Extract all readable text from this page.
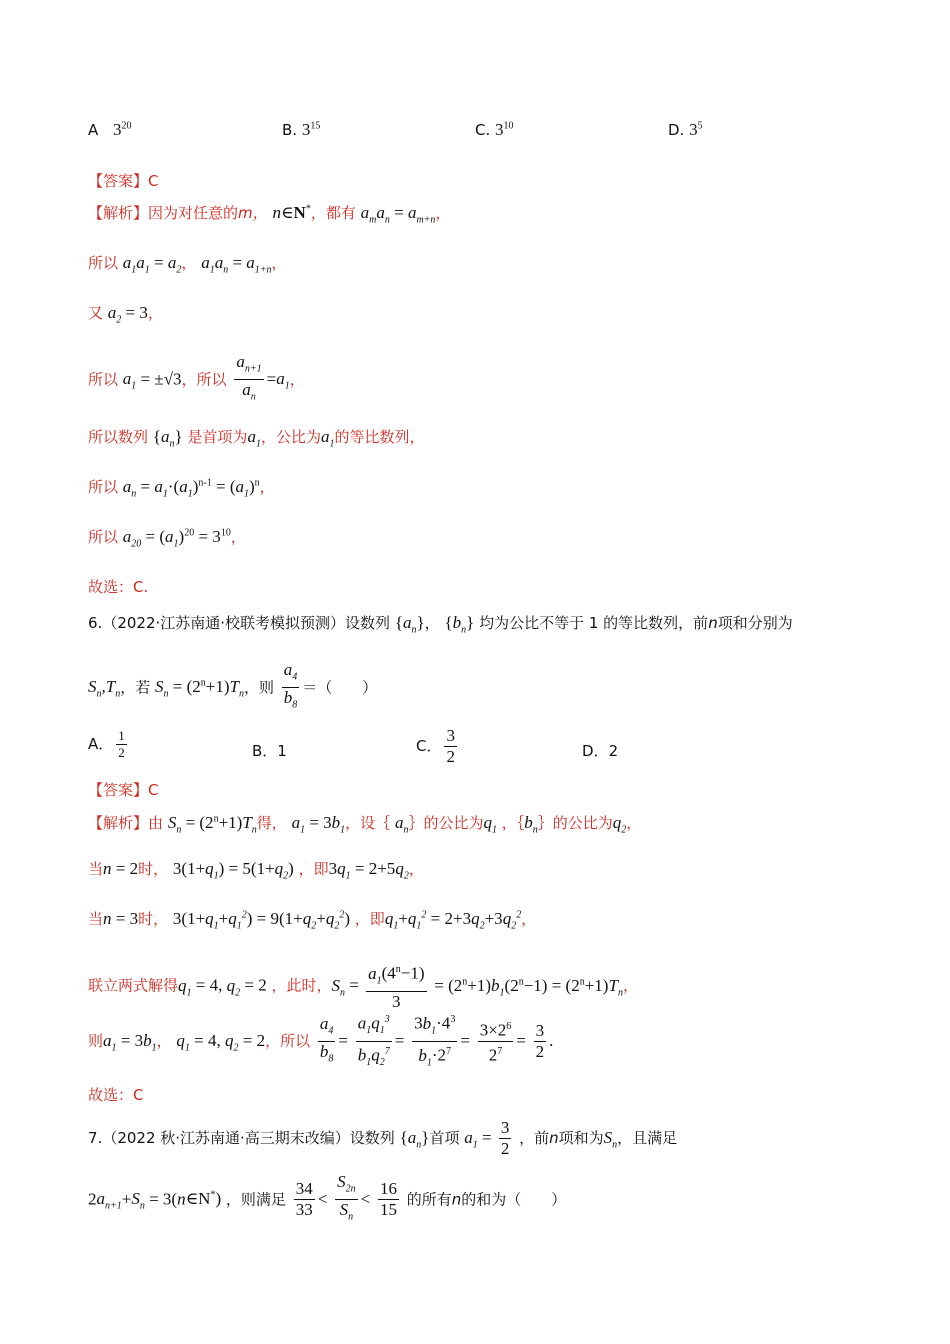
A $3^{20}$	B. $3^{15}$	C. $3^{10}$	D. $3^5$
【答案】C
【解析】因为对任意的m， n∈N*，都有 $a_ma_n = a_{m+n}$，
所以 $a_1a_1 = a_2$， $a_1a_n = a_{1+n}$，
又 $a_2 = 3$，
所以 $a_1 = \pm√3$，所以 $\frac{a_{n+1}}{a_n} =a_1$，
所以数列 $\{a_n\}$ 是首项为$a_1$，公比为$a_1$的等比数列，
所以 $a_n = a_1\cdot(a_1)^{n-1} = (a_1)^n$，
所以 $a_{20} = (a_1)^{20} = 3^{10}$，
故选：C.
6.（2022·江苏南通·校联考模拟预测）设数列 $\{a_n\}$， $\{b_n\}$ 均为公比不等于 1 的等比数列，前n项和分别为
$S_n,T_n$，若 $S_n = (2^n+1)T_n$，则 $\frac{a_4}{b_8}$ ＝（　　）
A． $\frac{1}{2}$	B．1	C． $\frac{3}{2}$	D．2
【答案】C
【解析】由 $S_n = (2^n+1)T_n$得， $a_1 = 3b_1$，设｛ $a_n\}$的公比为$q_1$ ，$\{b_n\}$的公比为$q_2$，
当n = 2时， $3(1+q_1) = 5(1+q_2)$ ，即$3q_1 = 2+5q_2$，
当n = 3时， $3(1+q_1+q_1^2) = 9(1+q_2+q_2^2)$ ，即$q_1+q_1^2 = 2+3q_2+3q_2^2$，
联立两式解得$q_1 = 4$, $q_2 = 2$ ，此时，$S_n = \frac{a_1(4^n-1)}{3} = (2^n+1)b_1(2^n-1) = (2^n+1)T_n$，
则$a_1 = 3b_1$， $q_1 = 4$, $q_2 = 2$，所以 $\frac{a_4}{b_8} = \frac{a_1q_1^3}{b_1q_2^7} = \frac{3b_1\cdot 4^3}{b_1\cdot 2^7} = \frac{3\times 2^6}{2^7} = \frac{3}{2}$ .
故选：C
7.（2022 秋·江苏南通·高三期末改编）设数列 $\{a_n\}$首项 $a_1 = \frac{3}{2}$ ，前n项和为$S_n$，且满足
$2a_{n+1}+S_n$ = 3(n∈N*) ，则满足 $\frac{34}{33} < \frac{S_{2n}}{S_n} < \frac{16}{15}$ 的所有n的和为（　　）
